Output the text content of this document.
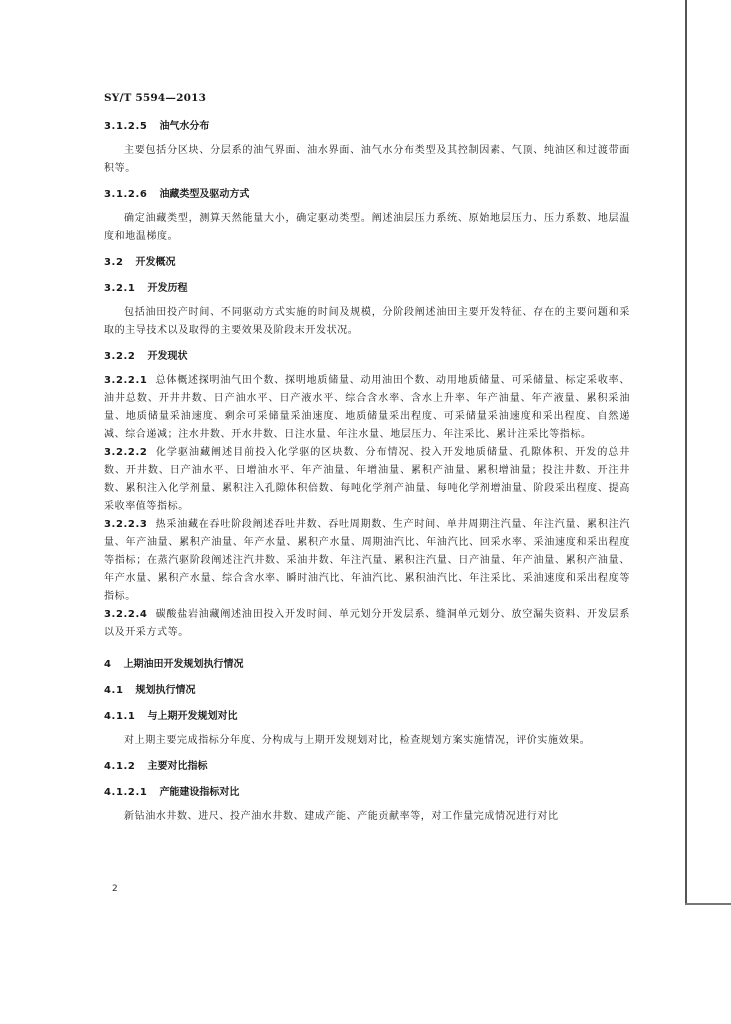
SY/T 5594—2013
3.1.2.5 油气水分布

主要包括分区块、分层系的油气界面、油水界面、油气水分布类型及其控制因素、气顶、纯油区和过渡带面积等。

3.1.2.6 油藏类型及驱动方式

确定油藏类型，测算天然能量大小，确定驱动类型。阐述油层压力系统、原始地层压力、压力系数、地层温度和地温梯度。

3.2 开发概况
3.2.1 开发历程

包括油田投产时间、不同驱动方式实施的时间及规模，分阶段阐述油田主要开发特征、存在的主要问题和采取的主导技术以及取得的主要效果及阶段末开发状况。

3.2.2 开发现状

3.2.2.1 总体概述探明油气田个数、探明地质储量、动用油田个数、动用地质储量、可采储量、标定采收率、油井总数、开井井数、日产油水平、日产液水平、综合含水率、含水上升率、年产油量、年产液量、累积采油量、地质储量采油速度、剩余可采储量采油速度、地质储量采出程度、可采储量采油速度和采出程度、自然递减、综合递减；注水井数、开水井数、日注水量、年注水量、地层压力、年注采比、累计注采比等指标。

3.2.2.2 化学驱油藏阐述目前投入化学驱的区块数、分布情况、投入开发地质储量、孔隙体积、开发的总井数、开井数、日产油水平、日增油水平、年产油量、年增油量、累积产油量、累积增油量；投注井数、开注井数、累积注入化学剂量、累积注入孔隙体积倍数、每吨化学剂产油量、每吨化学剂增油量、阶段采出程度、提高采收率值等指标。

3.2.2.3 热采油藏在吞吐阶段阐述吞吐井数、吞吐周期数、生产时间、单井周期注汽量、年注汽量、累积注汽量、年产油量、累积产油量、年产水量、累积产水量、周期油汽比、年油汽比、回采水率、采油速度和采出程度等指标；在蒸汽驱阶段阐述注汽井数、采油井数、年注汽量、累积注汽量、日产油量、年产油量、累积产油量、年产水量、累积产水量、综合含水率、瞬时油汽比、年油汽比、累积油汽比、年注采比、采油速度和采出程度等指标。

3.2.2.4 碳酸盐岩油藏阐述油田投入开发时间、单元划分开发层系、缝洞单元划分、放空漏失资料、开发层系以及开采方式等。

4 上期油田开发规划执行情况
4.1 规划执行情况
4.1.1 与上期开发规划对比

对上期主要完成指标分年度、分构成与上期开发规划对比，检查规划方案实施情况，评价实施效果。

4.1.2 主要对比指标
4.1.2.1 产能建设指标对比

新钻油水井数、进尺、投产油水井数、建成产能、产能贡献率等，对工作量完成情况进行对比

2
